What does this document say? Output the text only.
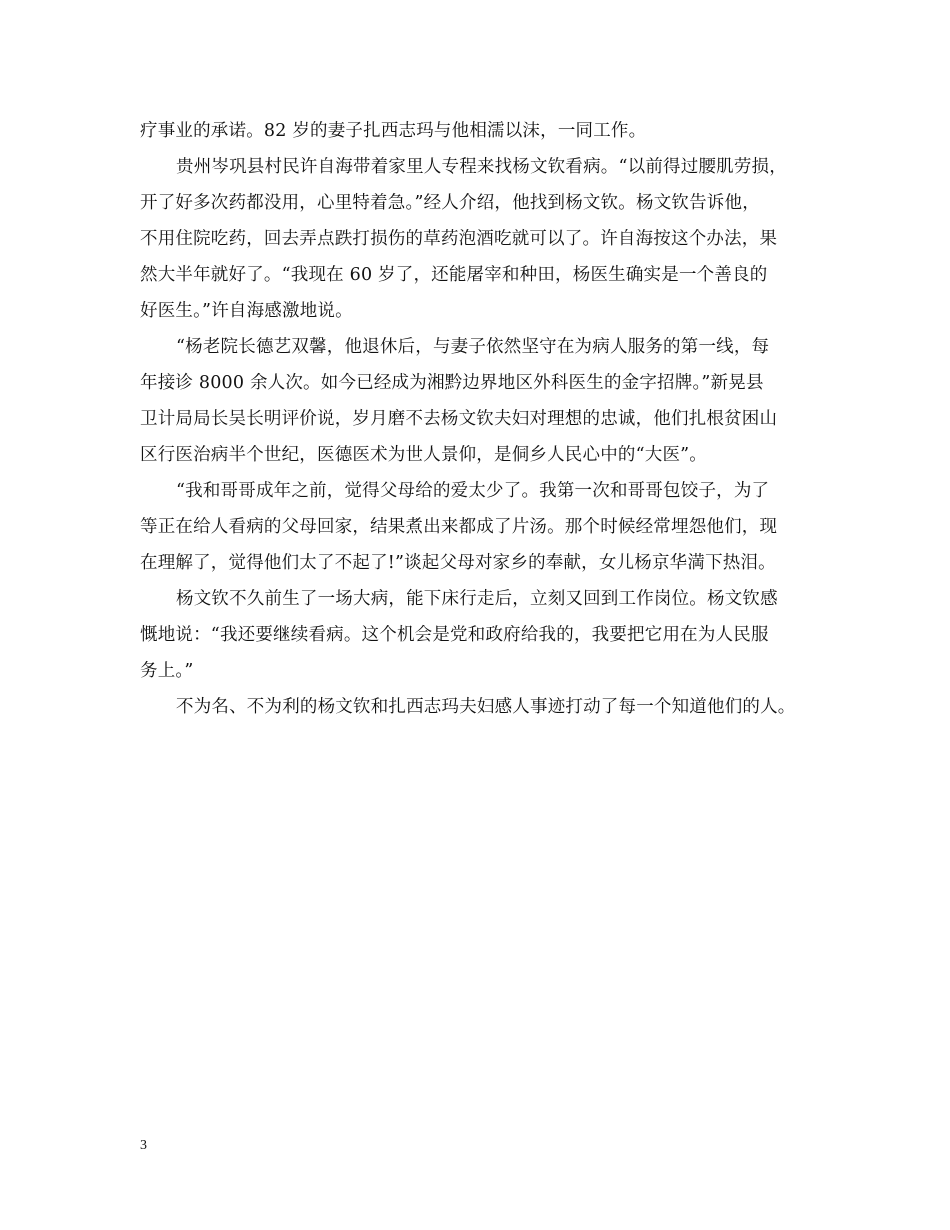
疗事业的承诺。82 岁的妻子扎西志玛与他相濡以沫，一同工作。
贵州岑巩县村民许自海带着家里人专程来找杨文钦看病。“以前得过腰肌劳损，
开了好多次药都没用，心里特着急。”经人介绍，他找到杨文钦。杨文钦告诉他，
不用住院吃药，回去弄点跌打损伤的草药泡酒吃就可以了。许自海按这个办法，果
然大半年就好了。“我现在 60 岁了，还能屠宰和种田，杨医生确实是一个善良的
好医生。”许自海感激地说。
“杨老院长德艺双馨，他退休后，与妻子依然坚守在为病人服务的第一线，每
年接诊 8000 余人次。如今已经成为湘黔边界地区外科医生的金字招牌。”新晃县
卫计局局长吴长明评价说，岁月磨不去杨文钦夫妇对理想的忠诚，他们扎根贫困山
区行医治病半个世纪，医德医术为世人景仰，是侗乡人民心中的“大医”。
“我和哥哥成年之前，觉得父母给的爱太少了。我第一次和哥哥包饺子，为了
等正在给人看病的父母回家，结果煮出来都成了片汤。那个时候经常埋怨他们，现
在理解了，觉得他们太了不起了!”谈起父母对家乡的奉献，女儿杨京华満下热泪。
杨文钦不久前生了一场大病，能下床行走后，立刻又回到工作岗位。杨文钦感
慨地说：“我还要继续看病。这个机会是党和政府给我的，我要把它用在为人民服
务上。”
不为名、不为利的杨文钦和扎西志玛夫妇感人事迹打动了每一个知道他们的人。
3
